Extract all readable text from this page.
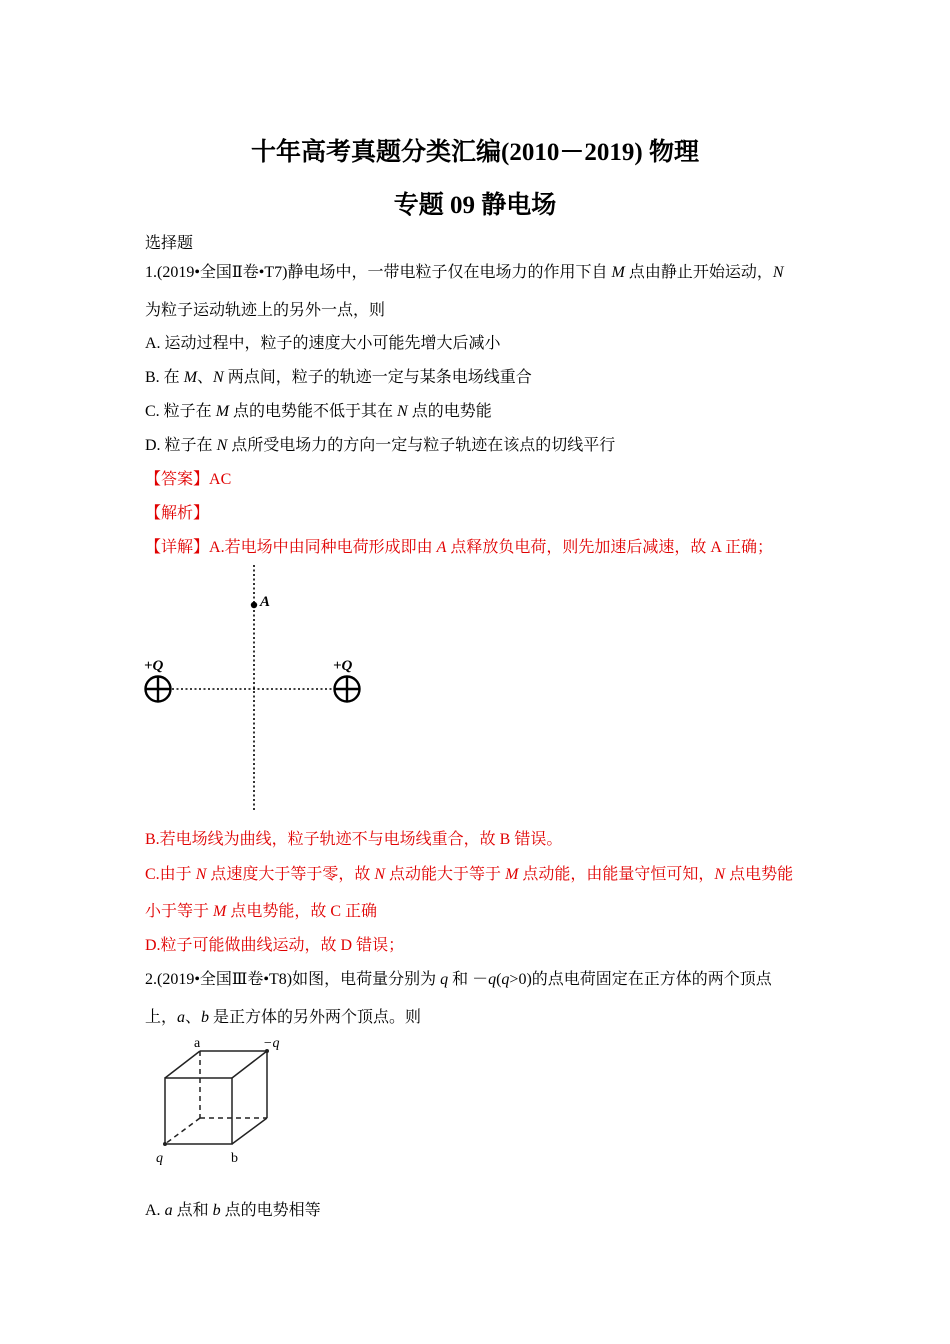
十年高考真题分类汇编(2010－2019) 物理
专题 09 静电场
选择题
1.(2019•全国Ⅱ卷•T7)静电场中，一带电粒子仅在电场力的作用下自 M 点由静止开始运动，N
为粒子运动轨迹上的另外一点，则
A. 运动过程中，粒子的速度大小可能先增大后减小
B. 在 M、N 两点间，粒子的轨迹一定与某条电场线重合
C. 粒子在 M 点的电势能不低于其在 N 点的电势能
D. 粒子在 N 点所受电场力的方向一定与粒子轨迹在该点的切线平行
【答案】AC
【解析】
【详解】A.若电场中由同种电荷形成即由 A 点释放负电荷，则先加速后减速，故 A 正确；
A
+Q	+Q
B.若电场线为曲线，粒子轨迹不与电场线重合，故 B 错误。
C.由于 N 点速度大于等于零，故 N 点动能大于等于 M 点动能，由能量守恒可知，N 点电势能
小于等于 M 点电势能，故 C 正确
D.粒子可能做曲线运动，故 D 错误；
2.(2019•全国Ⅲ卷•T8)如图，电荷量分别为 q 和 －q(q>0)的点电荷固定在正方体的两个顶点
上，a、b 是正方体的另外两个顶点。则
a	−q
q	b
A. a 点和 b 点的电势相等
